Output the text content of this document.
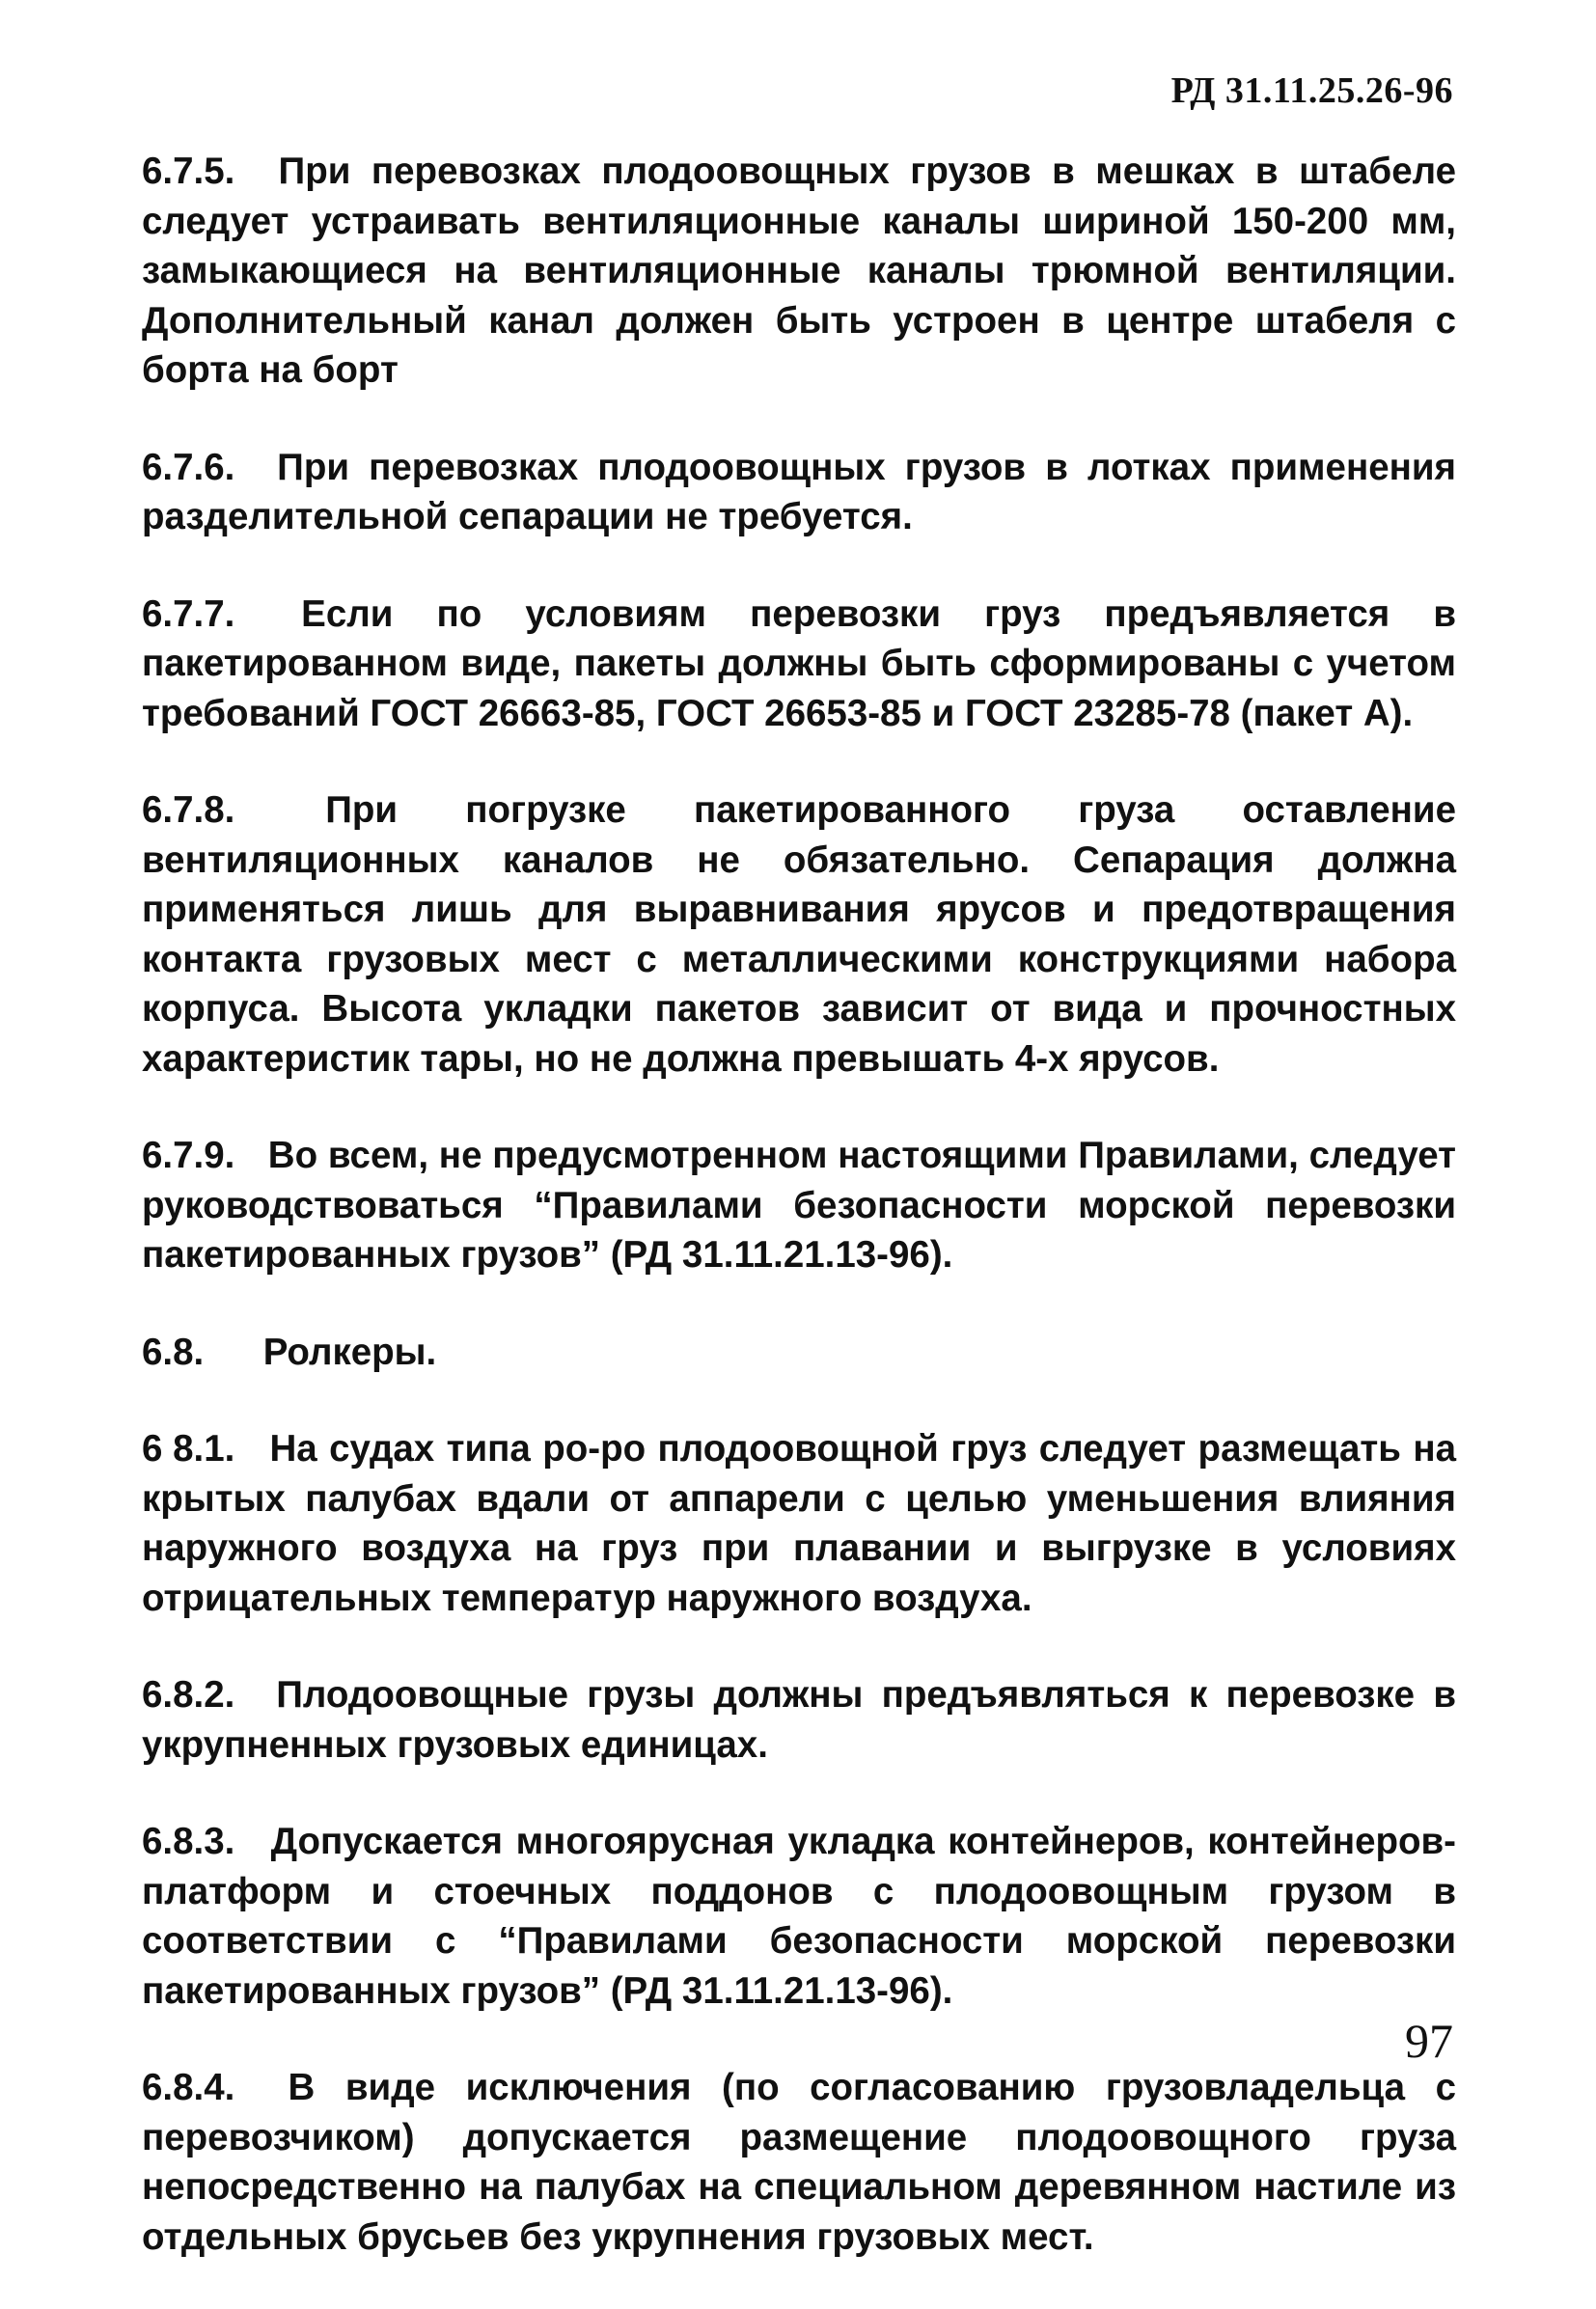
РД 31.11.25.26-96

6.7.5. При перевозках плодоовощных грузов в мешках в штабеле следует устраивать вентиляционные каналы шириной 150-200 мм, замыкающиеся на вентиляционные каналы трюмной вентиляции. Дополнительный канал должен быть устроен в центре штабеля с борта на борт

6.7.6. При перевозках плодоовощных грузов в лотках применения разделительной сепарации не требуется.

6.7.7. Если по условиям перевозки груз предъявляется в пакетированном виде, пакеты должны быть сформированы с учетом требований ГОСТ 26663-85, ГОСТ 26653-85 и ГОСТ 23285-78 (пакет А).

6.7.8. При погрузке пакетированного груза оставление вентиляционных каналов не обязательно. Сепарация должна применяться лишь для выравнивания ярусов и предотвращения контакта грузовых мест с металлическими конструкциями набора корпуса. Высота укладки пакетов зависит от вида и прочностных характеристик тары, но не должна превышать 4-х ярусов.

6.7.9. Во всем, не предусмотренном настоящими Правилами, следует руководствоваться “Правилами безопасности морской перевозки пакетированных грузов” (РД 31.11.21.13-96).

6.8. Ролкеры.

6 8.1. На судах типа ро-ро плодоовощной груз следует размещать на крытых палубах вдали от аппарели с целью уменьшения влияния наружного воздуха на груз при плавании и выгрузке в условиях отрицательных температур наружного воздуха.

6.8.2. Плодоовощные грузы должны предъявляться к перевозке в укрупненных грузовых единицах.

6.8.3. Допускается многоярусная укладка контейнеров, контейнеров-платформ и стоечных поддонов с плодоовощным грузом в соответствии с “Правилами безопасности морской перевозки пакетированных грузов” (РД 31.11.21.13-96).

6.8.4. В виде исключения (по согласованию грузовладельца с перевозчиком) допускается размещение плодоовощного груза непосредственно на палубах на специальном деревянном настиле из отдельных брусьев без укрупнения грузовых мест.

97
